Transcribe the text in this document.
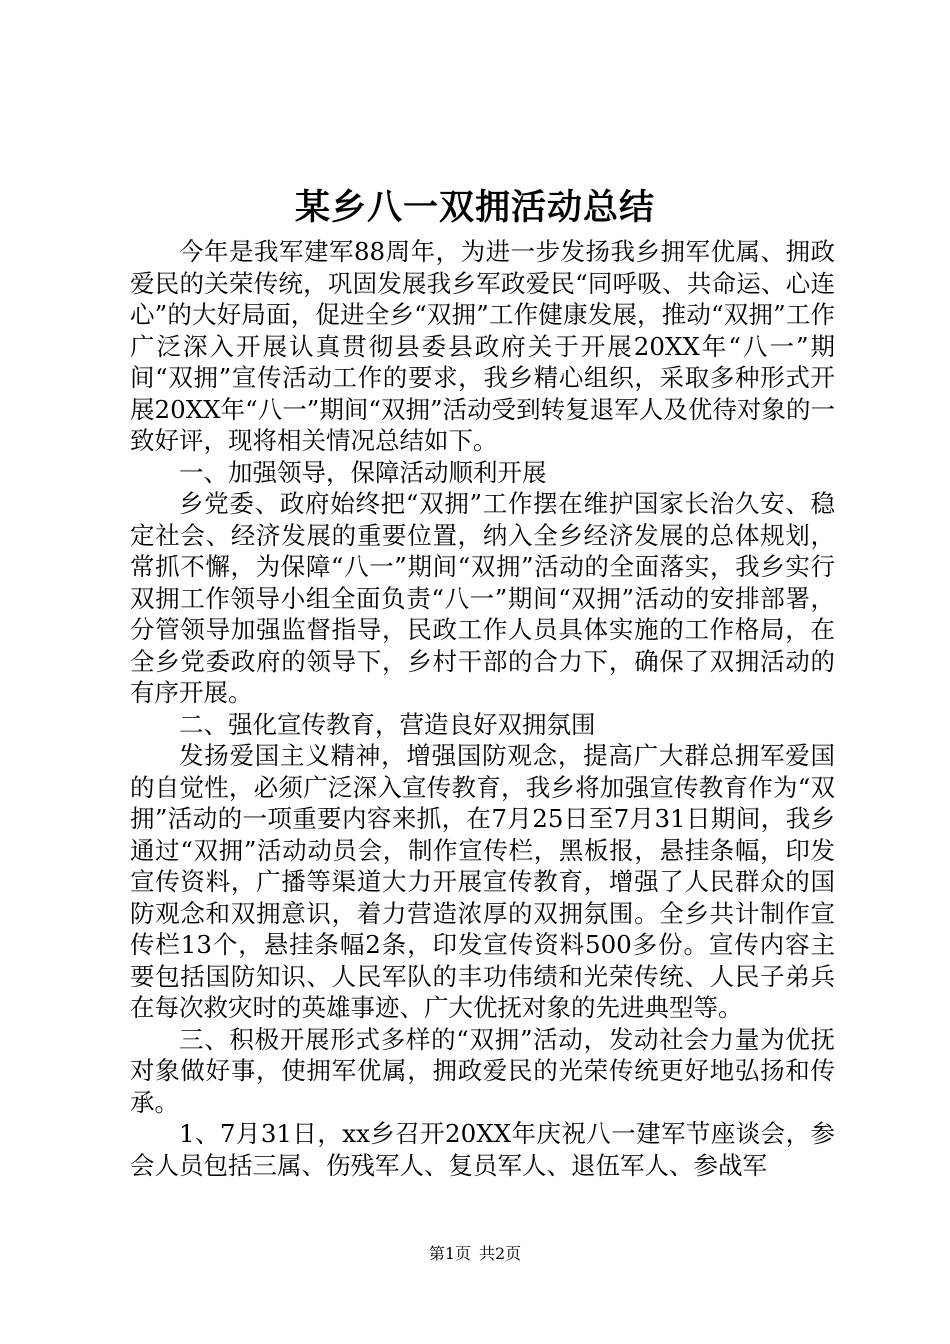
某乡八一双拥活动总结

今年是我军建军88周年，为进一步发扬我乡拥军优属、拥政爱民的关荣传统，巩固发展我乡军政爱民“同呼吸、共命运、心连心”的大好局面，促进全乡“双拥”工作健康发展，推动“双拥”工作广泛深入开展认真贯彻县委县政府关于开展20XX年“八一”期间“双拥”宣传活动工作的要求，我乡精心组织，采取多种形式开展20XX年“八一”期间“双拥”活动受到转复退军人及优待对象的一致好评，现将相关情况总结如下。

一、加强领导，保障活动顺利开展

乡党委、政府始终把“双拥”工作摆在维护国家长治久安、稳定社会、经济发展的重要位置，纳入全乡经济发展的总体规划，常抓不懈，为保障“八一”期间“双拥”活动的全面落实，我乡实行双拥工作领导小组全面负责“八一”期间“双拥”活动的安排部署，分管领导加强监督指导，民政工作人员具体实施的工作格局，在全乡党委政府的领导下，乡村干部的合力下，确保了双拥活动的有序开展。

二、强化宣传教育，营造良好双拥氛围

发扬爱国主义精神，增强国防观念，提高广大群总拥军爱国的自觉性，必须广泛深入宣传教育，我乡将加强宣传教育作为“双拥”活动的一项重要内容来抓，在7月25日至7月31日期间，我乡通过“双拥”活动动员会，制作宣传栏，黑板报，悬挂条幅，印发宣传资料，广播等渠道大力开展宣传教育，增强了人民群众的国防观念和双拥意识，着力营造浓厚的双拥氛围。全乡共计制作宣传栏13个，悬挂条幅2条，印发宣传资料500多份。宣传内容主要包括国防知识、人民军队的丰功伟绩和光荣传统、人民子弟兵在每次救灾时的英雄事迹、广大优抚对象的先进典型等。

三、积极开展形式多样的“双拥”活动，发动社会力量为优抚对象做好事，使拥军优属，拥政爱民的光荣传统更好地弘扬和传承。

1、7月31日，xx乡召开20XX年庆祝八一建军节座谈会，参会人员包括三属、伤残军人、复员军人、退伍军人、参战军

第1页 共2页
